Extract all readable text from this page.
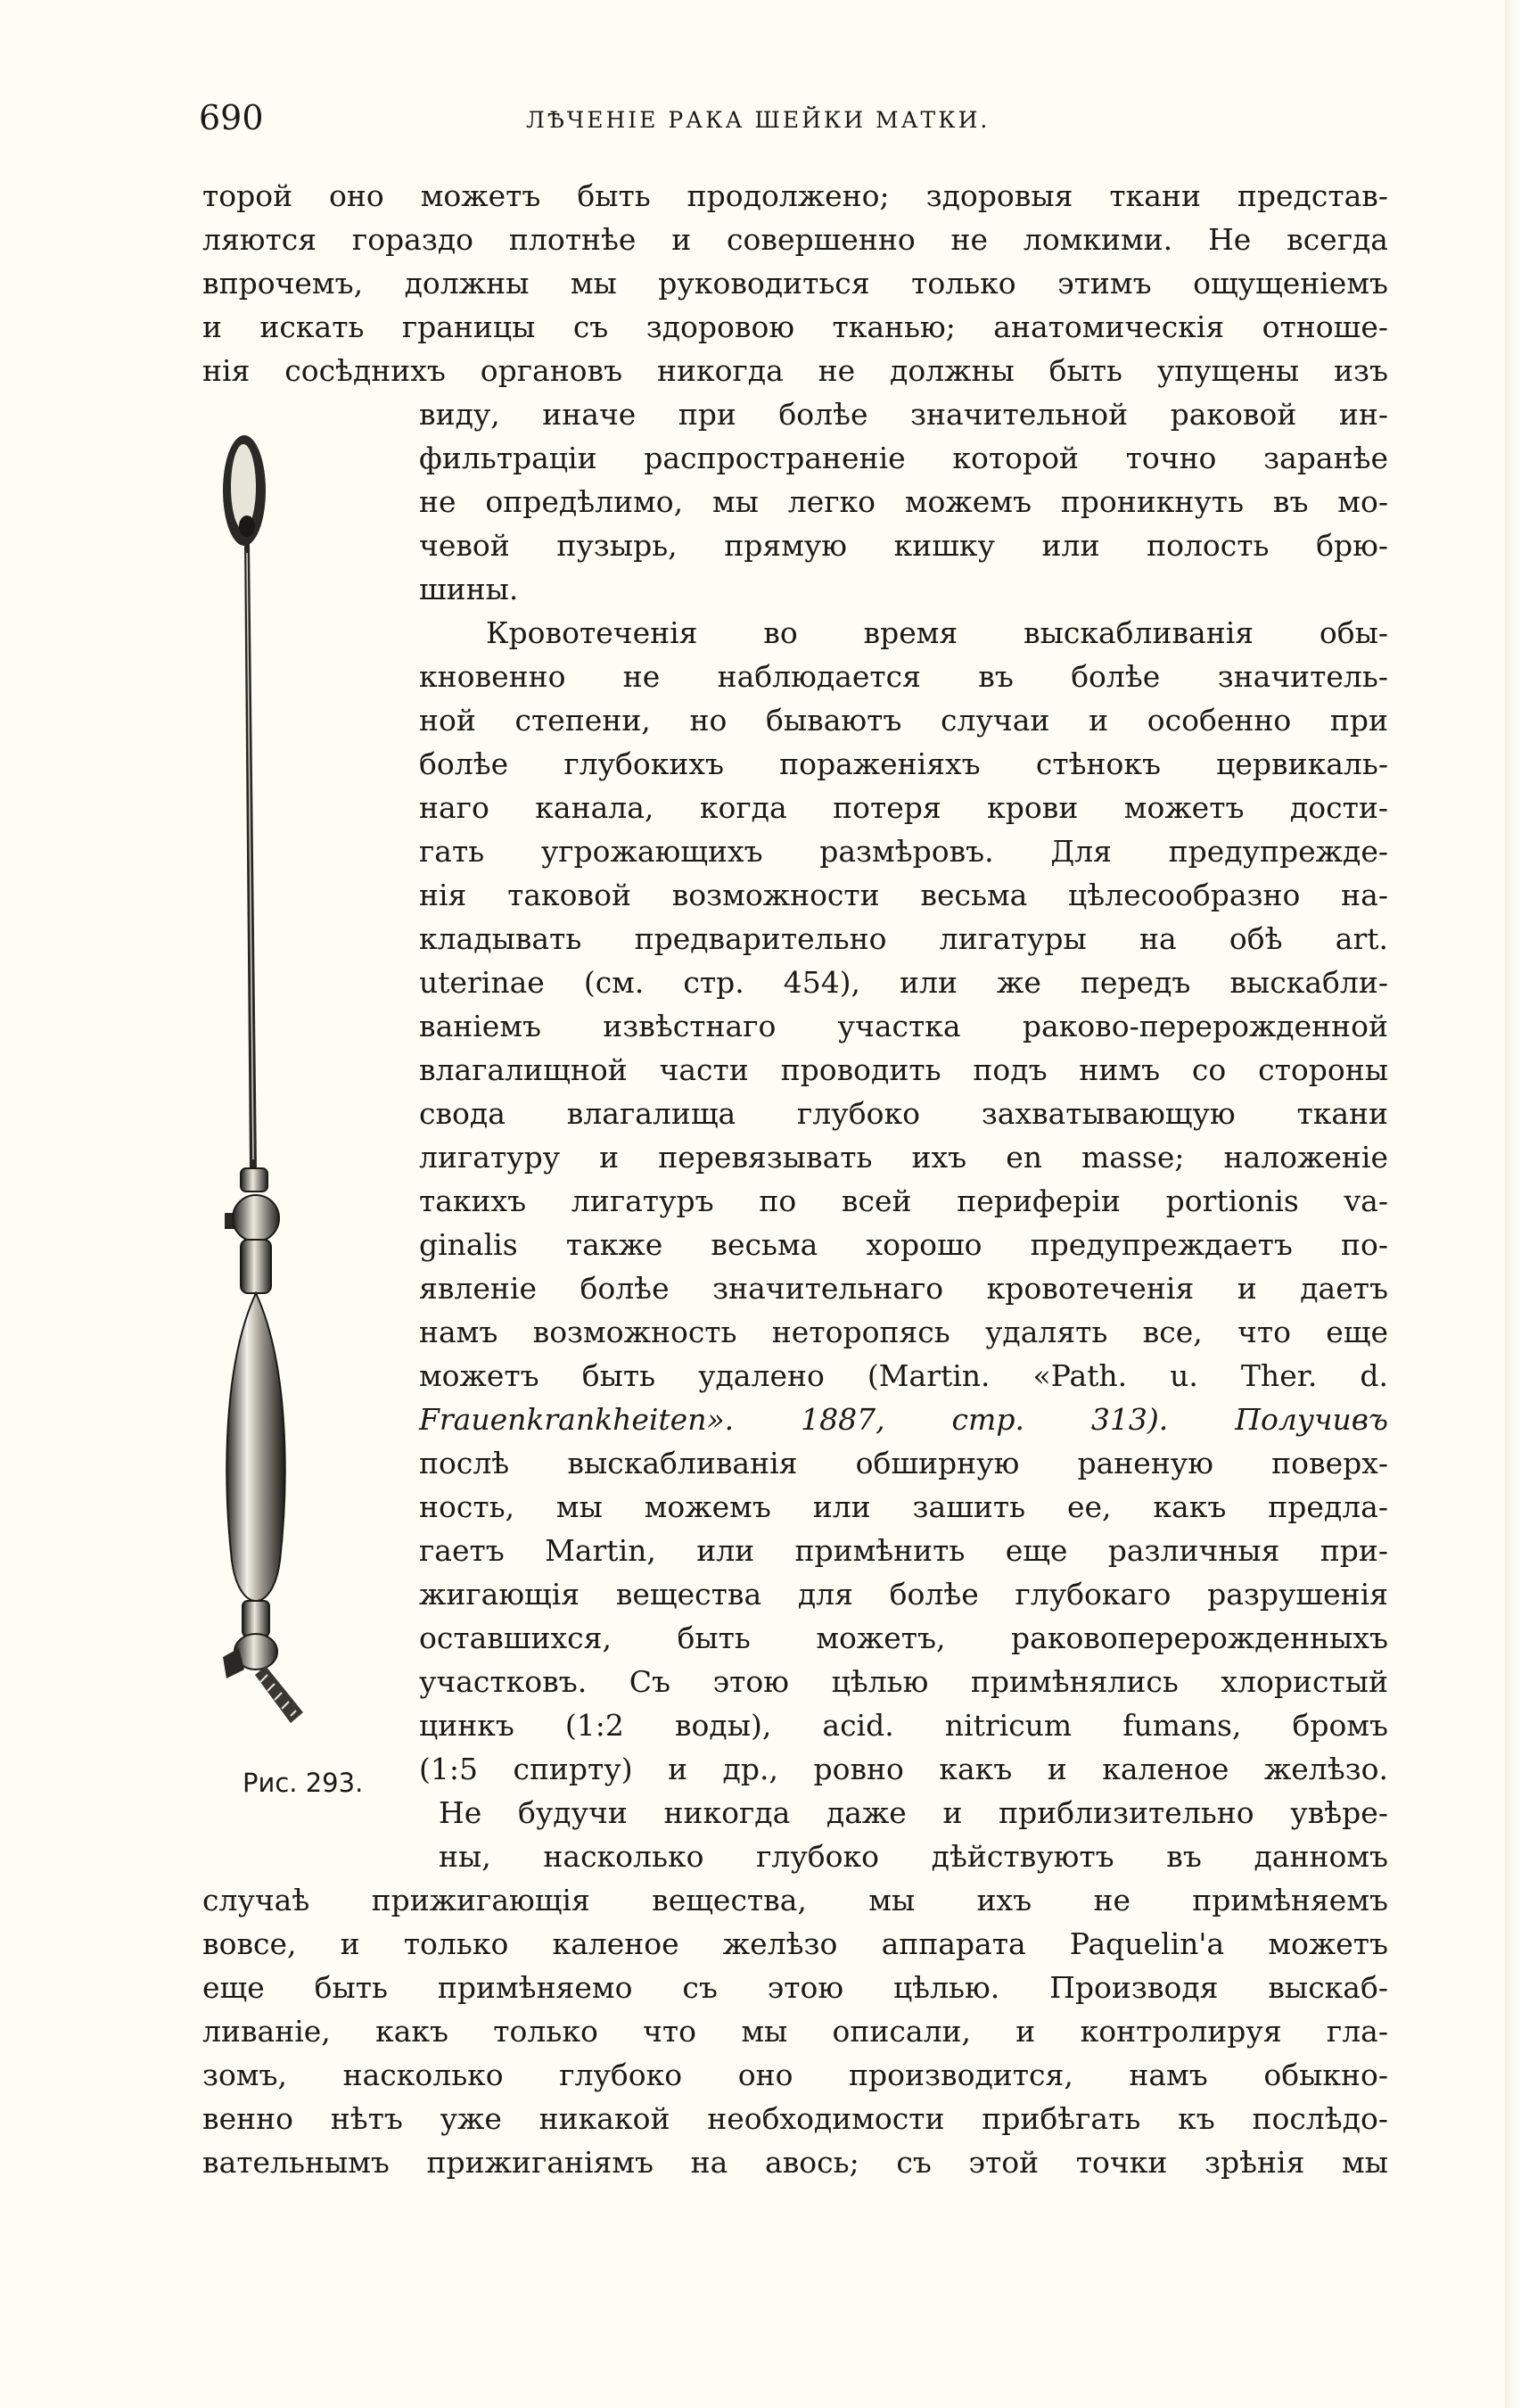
690	ЛѢЧЕНІЕ РАКА ШЕЙКИ МАТКИ.
торой оно можетъ быть продолжено; здоровыя ткани представ-
ляются гораздо плотнѣе и совершенно не ломкими. Не всегда
впрочемъ, должны мы руководиться только этимъ ощущеніемъ
и искать границы съ здоровою тканью; анатомическія отноше-
нія сосѣднихъ органовъ никогда не должны быть упущены изъ
виду, иначе при болѣе значительной раковой ин-
фильтраціи распространеніе которой точно заранѣе
не опредѣлимо, мы легко можемъ проникнуть въ мо-
чевой пузырь, прямую кишку или полость брю-
шины.
Кровотеченія во время выскабливанія обы-
кновенно не наблюдается въ болѣе значитель-
ной степени, но бываютъ случаи и особенно при
болѣе глубокихъ пораженіяхъ стѣнокъ цервикаль-
наго канала, когда потеря крови можетъ дости-
гать угрожающихъ размѣровъ. Для предупрежде-
нія таковой возможности весьма цѣлесообразно на-
кладывать предварительно лигатуры на обѣ art.
uterinae (см. стр. 454), или же передъ выскабли-
ваніемъ извѣстнаго участка раково-перерожденной
влагалищной части проводить подъ нимъ со стороны
свода влагалища глубоко захватывающую ткани
лигатуру и перевязывать ихъ en masse; наложеніе
такихъ лигатуръ по всей периферіи portionis va-
ginalis также весьма хорошо предупреждаетъ по-
явленіе болѣе значительнаго кровотеченія и даетъ
намъ возможность неторопясь удалять все, что еще
можетъ быть удалено (Martin. «Path. u. Ther. d.
Frauenkrankheiten». 1887, стр. 313). Получивъ
послѣ выскабливанія обширную раненую поверх-
ность, мы можемъ или зашить ее, какъ предла-
гаетъ Martin, или примѣнить еще различныя при-
жигающія вещества для болѣе глубокаго разрушенія
оставшихся, быть можетъ, раковоперерожденныхъ
участковъ. Съ этою цѣлью примѣнялись хлористый
цинкъ (1:2 воды), acid. nitricum fumans, бромъ
(1:5 спирту) и др., ровно какъ и каленое желѣзо.
Не будучи никогда даже и приблизительно увѣре-
ны, насколько глубоко дѣйствуютъ въ данномъ
случаѣ прижигающія вещества, мы ихъ не примѣняемъ
вовсе, и только каленое желѣзо аппарата Paquelin'а можетъ
еще быть примѣняемо съ этою цѣлью. Производя выскаб-
ливаніе, какъ только что мы описали, и контролируя гла-
зомъ, насколько глубоко оно производится, намъ обыкно-
венно нѣтъ уже никакой необходимости прибѣгать къ послѣдо-
вательнымъ прижиганіямъ на авось; съ этой точки зрѣнія мы
Рис. 293.
